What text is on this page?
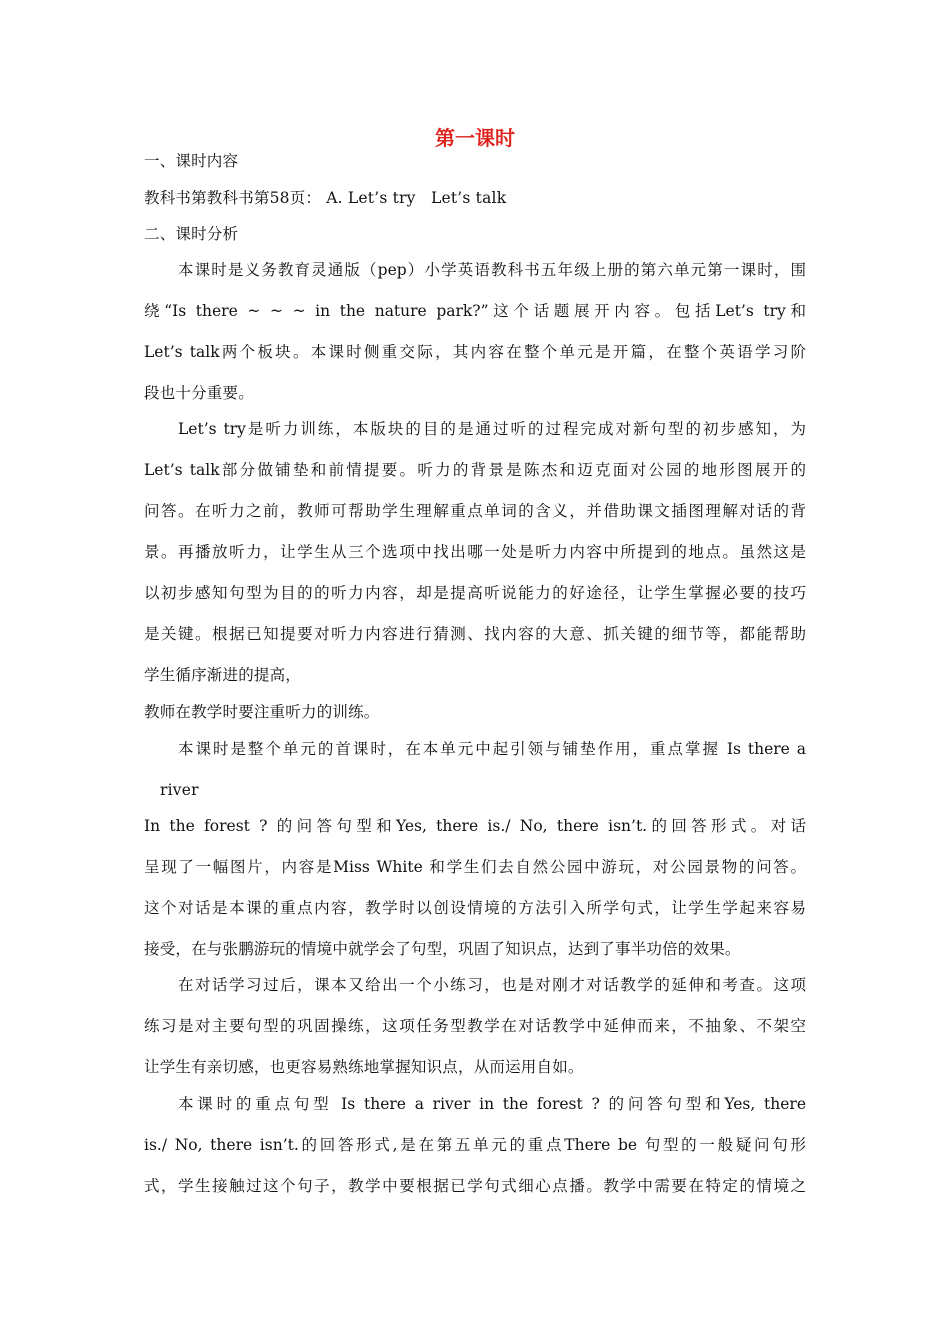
第一课时
一、课时内容
教科书第教科书第58页： A. Let’s try   Let’s talk
二、课时分析
本课时是义务教育灵通版（pep）小学英语教科书五年级上册的第六单元第一课时，围
绕“Is there ~ ~ ~ in the nature park?”这个话题展开内容。包括Let’s try和
Let’s talk两个板块。本课时侧重交际，其内容在整个单元是开篇，在整个英语学习阶
段也十分重要。
Let’s try是听力训练，本版块的目的是通过听的过程完成对新句型的初步感知，为
Let’s talk部分做铺垫和前情提要。听力的背景是陈杰和迈克面对公园的地形图展开的
问答。在听力之前，教师可帮助学生理解重点单词的含义，并借助课文插图理解对话的背
景。再播放听力，让学生从三个选项中找出哪一处是听力内容中所提到的地点。虽然这是
以初步感知句型为目的的听力内容，却是提高听说能力的好途径，让学生掌握必要的技巧
是关键。根据已知提要对听力内容进行猜测、找内容的大意、抓关键的细节等，都能帮助
学生循序渐进的提高，
教师在教学时要注重听力的训练。
本课时是整个单元的首课时，在本单元中起引领与铺垫作用，重点掌握 Is there a
river
In the forest ? 的问答句型和Yes, there is./ No, there isn’t.的回答形式。对话
呈现了一幅图片，内容是Miss White 和学生们去自然公园中游玩，对公园景物的问答。
这个对话是本课的重点内容，教学时以创设情境的方法引入所学句式，让学生学起来容易
接受，在与张鹏游玩的情境中就学会了句型，巩固了知识点，达到了事半功倍的效果。
在对话学习过后，课本又给出一个小练习，也是对刚才对话教学的延伸和考查。这项
练习是对主要句型的巩固操练，这项任务型教学在对话教学中延伸而来，不抽象、不架空
让学生有亲切感，也更容易熟练地掌握知识点，从而运用自如。
本课时的重点句型 Is there a river in the forest ? 的问答句型和Yes, there
is./ No, there isn’t.的回答形式,是在第五单元的重点There be 句型的一般疑问句形
式，学生接触过这个句子，教学中要根据已学句式细心点播。教学中需要在特定的情境之
